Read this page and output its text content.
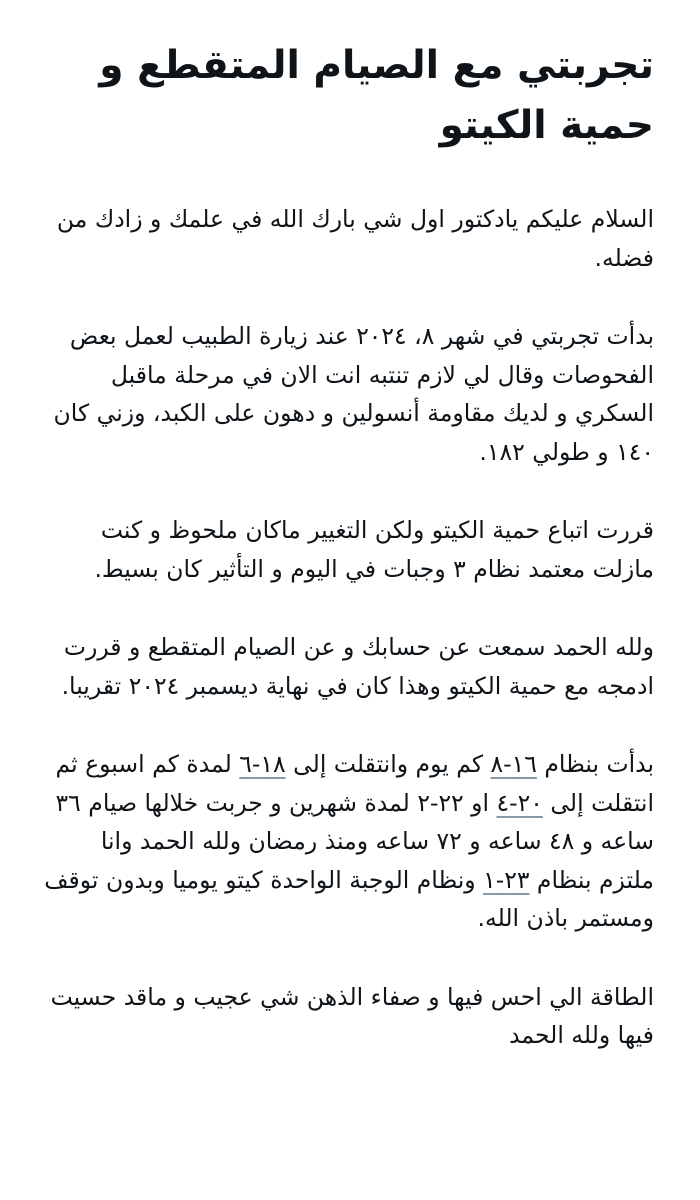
تجربتي مع الصيام المتقطع و حمية الكيتو

السلام عليكم يادكتور اول شي بارك الله في علمك و زادك من فضله.

بدأت تجربتي في شهر ٨، ٢٠٢٤ عند زيارة الطبيب لعمل بعض الفحوصات وقال لي لازم تنتبه انت الان في مرحلة ماقبل السكري و لديك مقاومة أنسولين و دهون على الكبد، وزني كان ١٤٠ و طولي ١٨٢.

قررت اتباع حمية الكيتو ولكن التغيير ماكان ملحوظ و كنت مازلت معتمد نظام ٣ وجبات في اليوم و التأثير كان بسيط.

ولله الحمد سمعت عن حسابك و عن الصيام المتقطع و قررت ادمجه مع حمية الكيتو وهذا كان في نهاية ديسمبر ٢٠٢٤ تقريبا.

بدأت بنظام ١٦-٨ كم يوم وانتقلت إلى ١٨-٦ لمدة كم اسبوع ثم انتقلت إلى ٢٠-٤ او ٢٢-٢ لمدة شهرين و جربت خلالها صيام ٣٦ ساعه و ٤٨ ساعه و ٧٢ ساعه ومنذ رمضان ولله الحمد وانا ملتزم بنظام ٢٣-١ ونظام الوجبة الواحدة كيتو يوميا وبدون توقف ومستمر باذن الله.

الطاقة الي احس فيها و صفاء الذهن شي عجيب و ماقد حسيت فيها ولله الحمد
